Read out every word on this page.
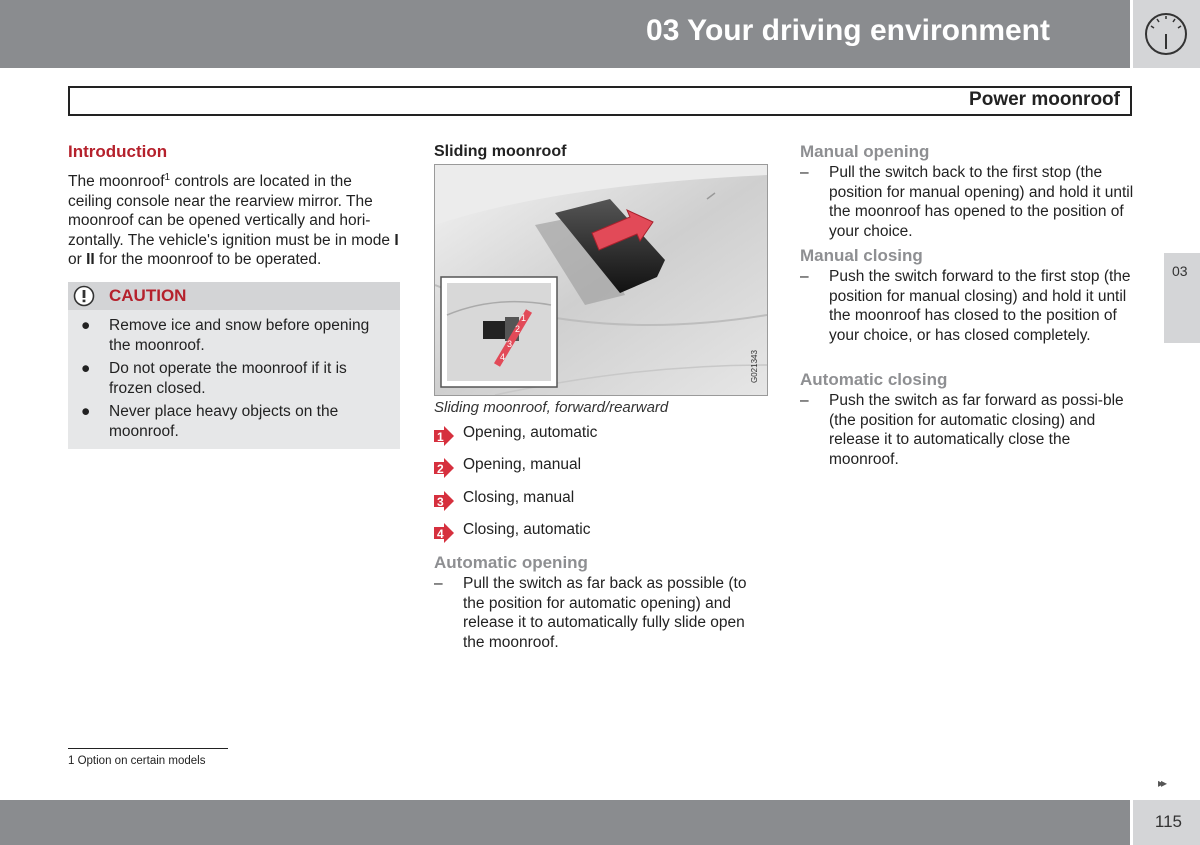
03 Your driving environment
Power moonroof
Introduction

The moonroof$^1$ controls are located in the ceiling console near the rearview mirror. The moonroof can be opened vertically and hori-zontally. The vehicle's ignition must be in mode I or II for the moonroof to be operated.

CAUTION
● Remove ice and snow before opening the moonroof.
● Do not operate the moonroof if it is frozen closed.
● Never place heavy objects on the moonroof.
Sliding moonroof
1
2
3
4	G021343
Sliding moonroof, forward/rearward
1 Opening, automatic
2 Opening, manual
3 Closing, manual
4 Closing, automatic
Automatic opening
– Pull the switch as far back as possible (to the position for automatic opening) and release it to automatically fully slide open the moonroof.
Manual opening
– Pull the switch back to the first stop (the position for manual opening) and hold it until the moonroof has opened to the position of your choice.
Manual closing
– Push the switch forward to the first stop (the position for manual closing) and hold it until the moonroof has closed to the position of your choice, or has closed completely.
Automatic closing
– Push the switch as far forward as possi-ble (the position for automatic closing) and release it to automatically close the moonroof.
03
1 Option on certain models
▸▸
115
